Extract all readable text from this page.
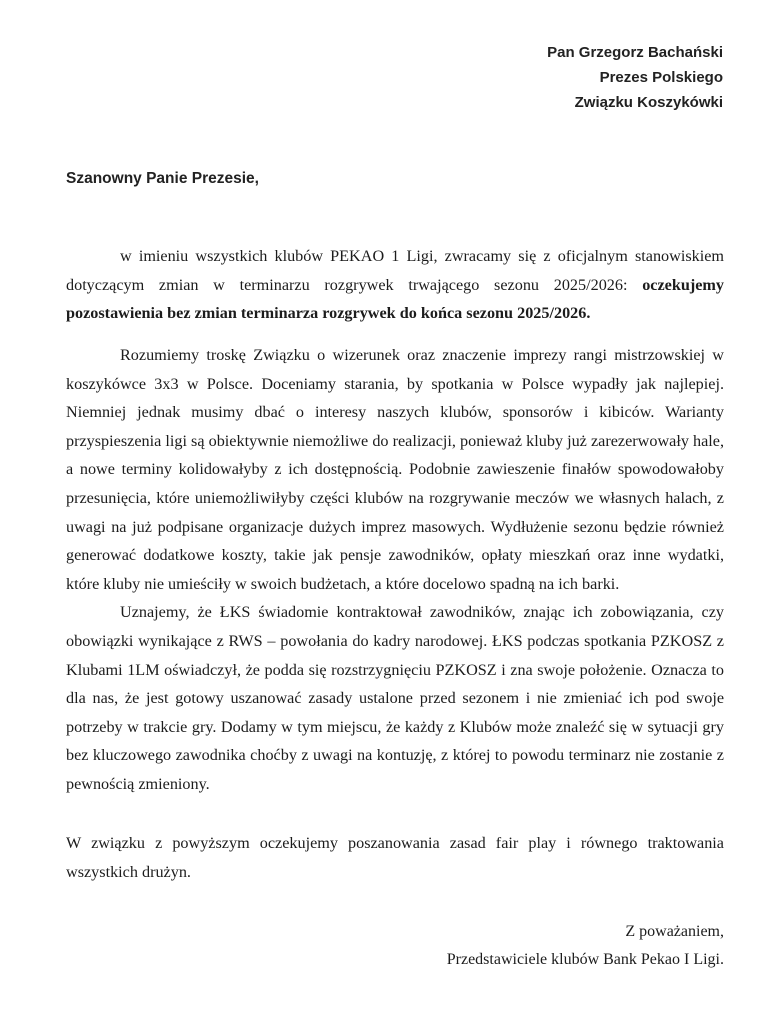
Pan Grzegorz Bachański
Prezes Polskiego
Związku Koszykówki
Szanowny Panie Prezesie,

w imieniu wszystkich klubów PEKAO 1 Ligi, zwracamy się z oficjalnym stanowiskiem dotyczącym zmian w terminarzu rozgrywek trwającego sezonu 2025/2026: oczekujemy pozostawienia bez zmian terminarza rozgrywek do końca sezonu 2025/2026.

Rozumiemy troskę Związku o wizerunek oraz znaczenie imprezy rangi mistrzowskiej w koszykówce 3x3 w Polsce. Doceniamy starania, by spotkania w Polsce wypadły jak najlepiej. Niemniej jednak musimy dbać o interesy naszych klubów, sponsorów i kibiców. Warianty przyspieszenia ligi są obiektywnie niemożliwe do realizacji, ponieważ kluby już zarezerwowały hale, a nowe terminy kolidowałyby z ich dostępnością. Podobnie zawieszenie finałów spowodowałoby przesunięcia, które uniemożliwiłyby części klubów na rozgrywanie meczów we własnych halach, z uwagi na już podpisane organizacje dużych imprez masowych. Wydłużenie sezonu będzie również generować dodatkowe koszty, takie jak pensje zawodników, opłaty mieszkań oraz inne wydatki, które kluby nie umieściły w swoich budżetach, a które docelowo spadną na ich barki.

Uznajemy, że ŁKS świadomie kontraktował zawodników, znając ich zobowiązania, czy obowiązki wynikające z RWS – powołania do kadry narodowej. ŁKS podczas spotkania PZKOSZ z Klubami 1LM oświadczył, że podda się rozstrzygnięciu PZKOSZ i zna swoje położenie. Oznacza to dla nas, że jest gotowy uszanować zasady ustalone przed sezonem i nie zmieniać ich pod swoje potrzeby w trakcie gry. Dodamy w tym miejscu, że każdy z Klubów może znaleźć się w sytuacji gry bez kluczowego zawodnika choćby z uwagi na kontuzję, z której to powodu terminarz nie zostanie z pewnością zmieniony.

W związku z powyższym oczekujemy poszanowania zasad fair play i równego traktowania wszystkich drużyn.

Z poważaniem,
Przedstawiciele klubów Bank Pekao I Ligi.
